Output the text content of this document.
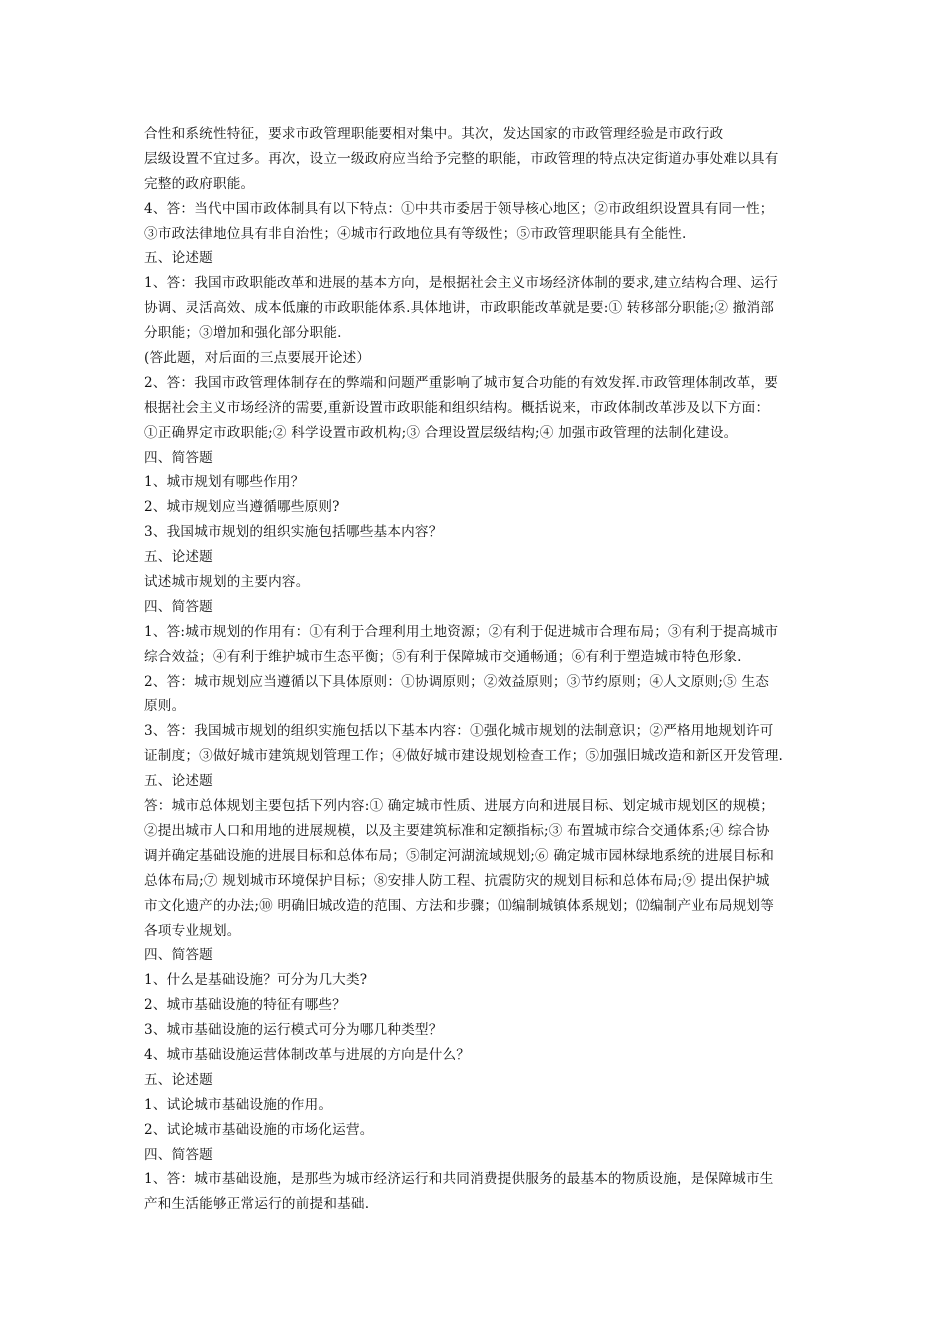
合性和系统性特征，要求市政管理职能要相对集中。其次，发达国家的市政管理经验是市政行政
层级设置不宜过多。再次，设立一级政府应当给予完整的职能，市政管理的特点决定街道办事处难以具有
完整的政府职能。
4、答：当代中国市政体制具有以下特点：①中共市委居于领导核心地区；②市政组织设置具有同一性；
③市政法律地位具有非自治性；④城市行政地位具有等级性；⑤市政管理职能具有全能性.
五、论述题
1、答：我国市政职能改革和进展的基本方向，是根据社会主义市场经济体制的要求,建立结构合理、运行
协调、灵活高效、成本低廉的市政职能体系.具体地讲，市政职能改革就是要:① 转移部分职能;② 撤消部
分职能；③增加和强化部分职能.
(答此题，对后面的三点要展开论述）
2、答：我国市政管理体制存在的弊端和问题严重影响了城市复合功能的有效发挥.市政管理体制改革，要
根据社会主义市场经济的需要,重新设置市政职能和组织结构。概括说来，市政体制改革涉及以下方面：
①正确界定市政职能;② 科学设置市政机构;③ 合理设置层级结构;④ 加强市政管理的法制化建设。
四、简答题
1、城市规划有哪些作用？
2、城市规划应当遵循哪些原则?
3、我国城市规划的组织实施包括哪些基本内容？
五、论述题
试述城市规划的主要内容。
四、简答题
1、答:城市规划的作用有：①有利于合理利用土地资源；②有利于促进城市合理布局；③有利于提高城市
综合效益；④有利于维护城市生态平衡；⑤有利于保障城市交通畅通；⑥有利于塑造城市特色形象.
2、答：城市规划应当遵循以下具体原则：①协调原则；②效益原则；③节约原则；④人文原则;⑤ 生态
原则。
3、答：我国城市规划的组织实施包括以下基本内容：①强化城市规划的法制意识；②严格用地规划许可
证制度；③做好城市建筑规划管理工作；④做好城市建设规划检查工作；⑤加强旧城改造和新区开发管理.
五、论述题
答：城市总体规划主要包括下列内容:① 确定城市性质、进展方向和进展目标、划定城市规划区的规模；
②提出城市人口和用地的进展规模，以及主要建筑标准和定额指标;③ 布置城市综合交通体系;④ 综合协
调并确定基础设施的进展目标和总体布局；⑤制定河湖流域规划;⑥ 确定城市园林绿地系统的进展目标和
总体布局;⑦ 规划城市环境保护目标；⑧安排人防工程、抗震防灾的规划目标和总体布局;⑨ 提出保护城
市文化遗产的办法;⑩ 明确旧城改造的范围、方法和步骤；⑾编制城镇体系规划；⑿编制产业布局规划等
各项专业规划。
四、简答题
1、什么是基础设施？可分为几大类?
2、城市基础设施的特征有哪些？
3、城市基础设施的运行模式可分为哪几种类型？
4、城市基础设施运营体制改革与进展的方向是什么？
五、论述题
1、试论城市基础设施的作用。
2、试论城市基础设施的市场化运营。
四、简答题
1、答：城市基础设施，是那些为城市经济运行和共同消费提供服务的最基本的物质设施，是保障城市生
产和生活能够正常运行的前提和基础.
